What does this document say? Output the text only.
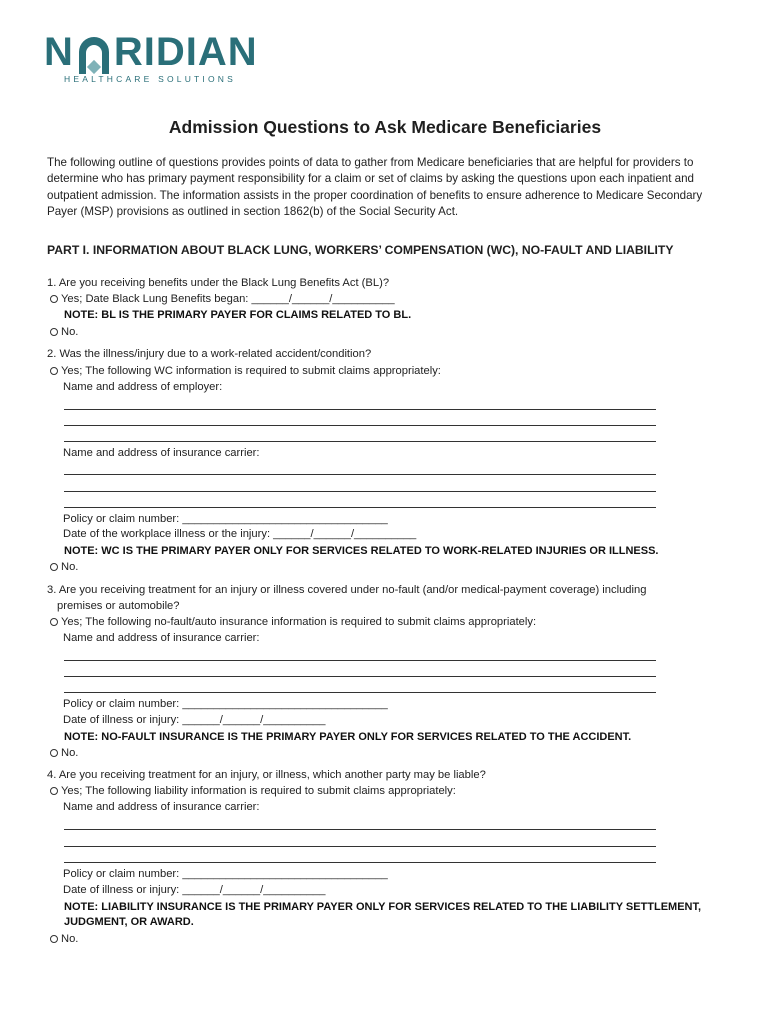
N RIDIAN
HEALTHCARE SOLUTIONS
Admission Questions to Ask Medicare Beneficiaries
The following outline of questions provides points of data to gather from Medicare beneficiaries that are helpful for providers to determine who has primary payment responsibility for a claim or set of claims by asking the questions upon each inpatient and outpatient admission. The information assists in the proper coordination of benefits to ensure adherence to Medicare Secondary Payer (MSP) provisions as outlined in section 1862(b) of the Social Security Act.
PART I. INFORMATION ABOUT BLACK LUNG, WORKERS’ COMPENSATION (WC), NO-FAULT AND LIABILITY
1. Are you receiving benefits under the Black Lung Benefits Act (BL)?
Yes; Date Black Lung Benefits began: ______/______/__________
NOTE: BL IS THE PRIMARY PAYER FOR CLAIMS RELATED TO BL.
No.
2. Was the illness/injury due to a work-related accident/condition?
Yes; The following WC information is required to submit claims appropriately:
Name and address of employer:
Name and address of insurance carrier:
Policy or claim number: _________________________________
Date of the workplace illness or the injury: ______/______/__________
NOTE: WC IS THE PRIMARY PAYER ONLY FOR SERVICES RELATED TO WORK-RELATED INJURIES OR ILLNESS.
No.
3. Are you receiving treatment for an injury or illness covered under no-fault (and/or medical-payment coverage) including
premises or automobile?
Yes; The following no-fault/auto insurance information is required to submit claims appropriately:
Name and address of insurance carrier:
Policy or claim number: _________________________________
Date of illness or injury: ______/______/__________
NOTE: NO-FAULT INSURANCE IS THE PRIMARY PAYER ONLY FOR SERVICES RELATED TO THE ACCIDENT.
No.
4. Are you receiving treatment for an injury, or illness, which another party may be liable?
Yes; The following liability information is required to submit claims appropriately:
Name and address of insurance carrier:
Policy or claim number: _________________________________
Date of illness or injury: ______/______/__________
NOTE: LIABILITY INSURANCE IS THE PRIMARY PAYER ONLY FOR SERVICES RELATED TO THE LIABILITY SETTLEMENT,
JUDGMENT, OR AWARD.
No.
